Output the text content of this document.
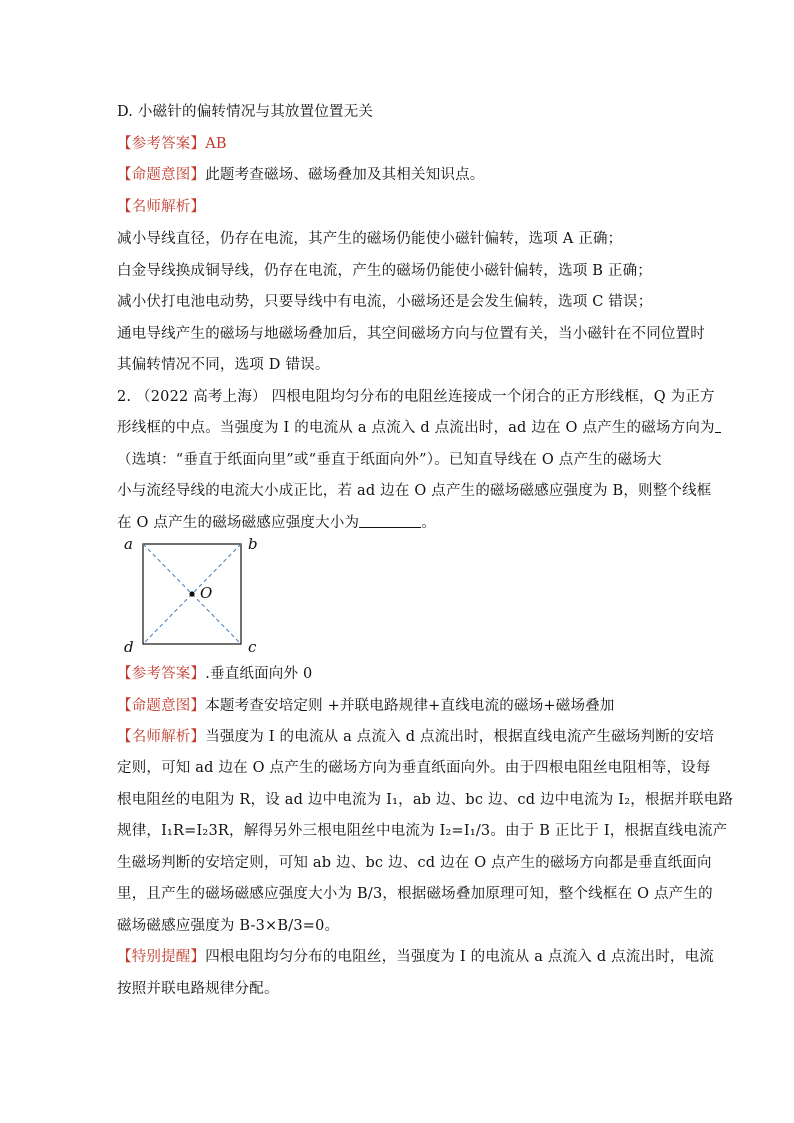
D. 小磁针的偏转情况与其放置位置无关
【参考答案】AB
【命题意图】此题考查磁场、磁场叠加及其相关知识点。
【名师解析】
减小导线直径，仍存在电流，其产生的磁场仍能使小磁针偏转，选项 A 正确；
白金导线换成铜导线，仍存在电流，产生的磁场仍能使小磁针偏转，选项 B 正确；
减小伏打电池电动势，只要导线中有电流，小磁场还是会发生偏转，选项 C 错误；
通电导线产生的磁场与地磁场叠加后，其空间磁场方向与位置有关，当小磁针在不同位置时
其偏转情况不同，选项 D 错误。
2. （2022 高考上海） 四根电阻均匀分布的电阻丝连接成一个闭合的正方形线框，Q 为正方
形线框的中点。当强度为 I 的电流从 a 点流入 d 点流出时，ad 边在 O 点产生的磁场方向为
（选填：“垂直于纸面向里”或“垂直于纸面向外”）。已知直导线在 O 点产生的磁场大
小与流经导线的电流大小成正比，若 ad 边在 O 点产生的磁场磁感应强度为 B，则整个线框
在 O 点产生的磁场磁感应强度大小为	。
a	b
c
d
O
【参考答案】.垂直纸面向外 0
【命题意图】本题考查安培定则 +并联电路规律+直线电流的磁场+磁场叠加
【名师解析】当强度为 I 的电流从 a 点流入 d 点流出时，根据直线电流产生磁场判断的安培
定则，可知 ad 边在 O 点产生的磁场方向为垂直纸面向外。由于四根电阻丝电阻相等，设每
根电阻丝的电阻为 R，设 ad 边中电流为 I₁，ab 边、bc 边、cd 边中电流为 I₂，根据并联电路
规律，I₁R=I₂3R，解得另外三根电阻丝中电流为 I₂=I₁/3。由于 B 正比于 I，根据直线电流产
生磁场判断的安培定则，可知 ab 边、bc 边、cd 边在 O 点产生的磁场方向都是垂直纸面向
里，且产生的磁场磁感应强度大小为 B/3，根据磁场叠加原理可知，整个线框在 O 点产生的
磁场磁感应强度为 B-3×B/3=0。
【特别提醒】四根电阻均匀分布的电阻丝，当强度为 I 的电流从 a 点流入 d 点流出时，电流
按照并联电路规律分配。
